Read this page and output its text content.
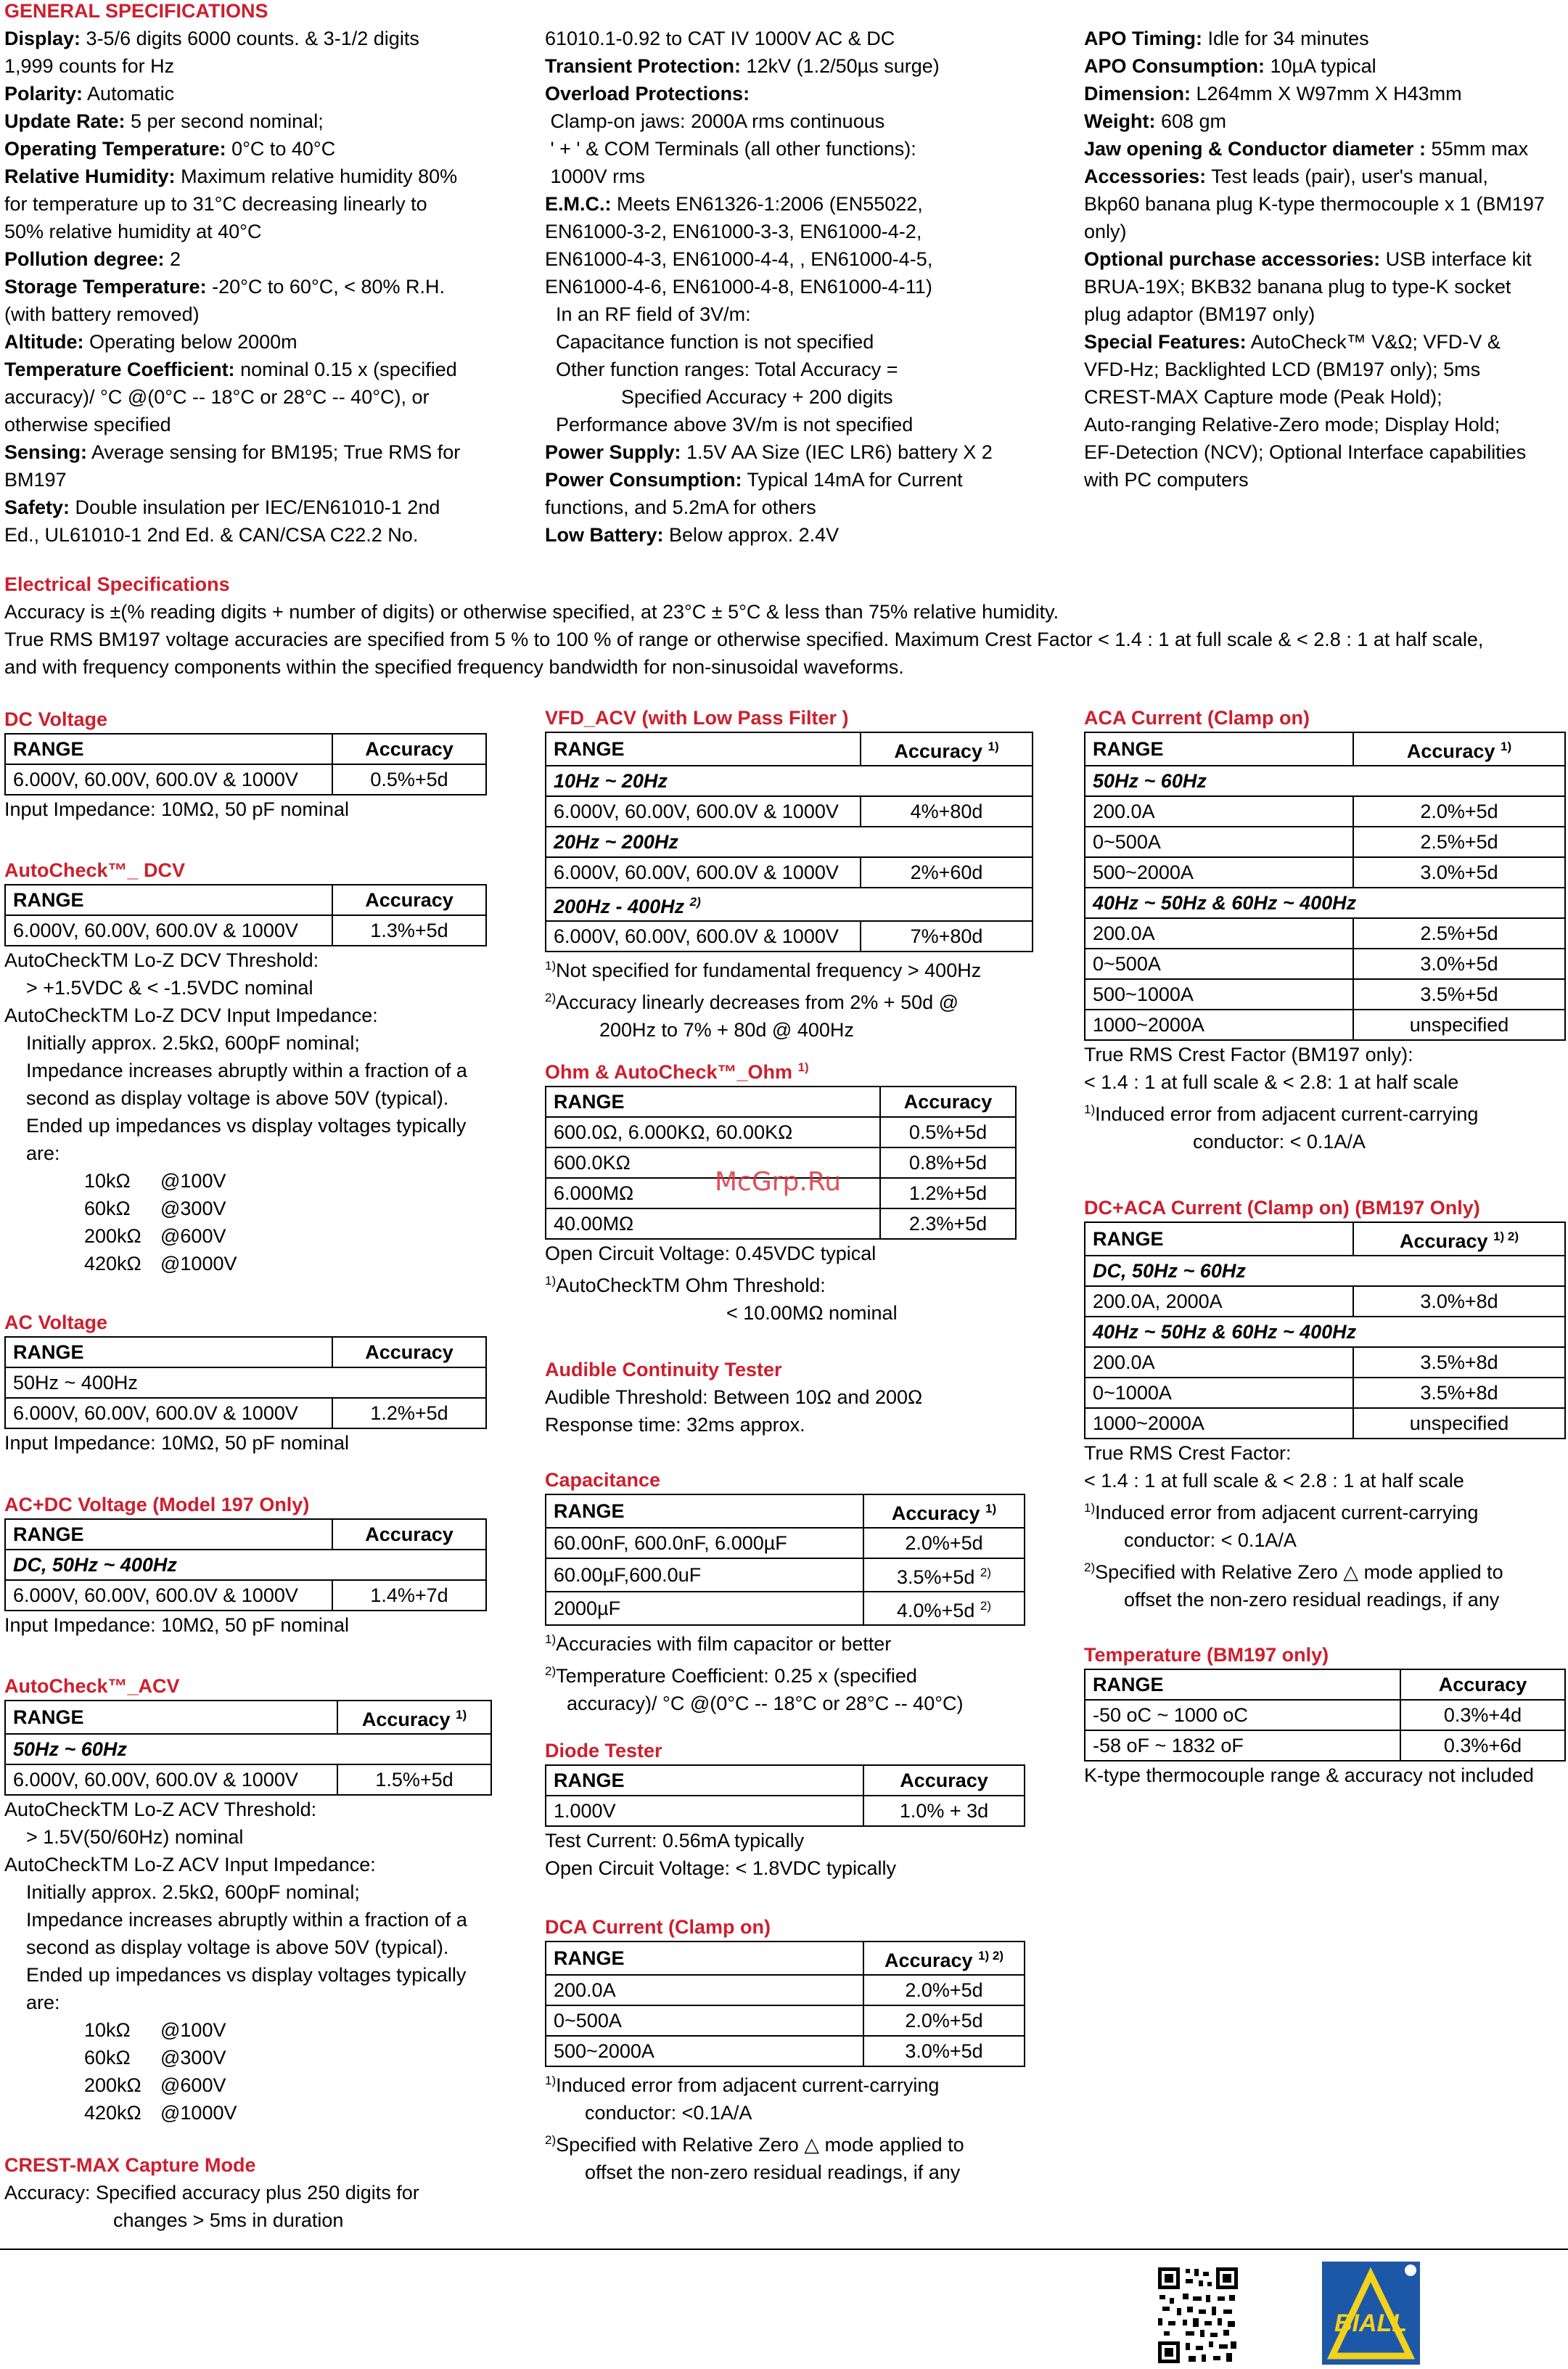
GENERAL SPECIFICATIONS
Display: 3-5/6 digits 6000 counts. & 3-1/2 digits
1,999 counts for Hz
Polarity: Automatic
Update Rate: 5 per second nominal;
Operating Temperature: 0°C to 40°C
Relative Humidity: Maximum relative humidity 80%
for temperature up to 31°C decreasing linearly to
50% relative humidity at 40°C
Pollution degree: 2
Storage Temperature: -20°C to 60°C, < 80% R.H.
(with battery removed)
Altitude: Operating below 2000m
Temperature Coefficient: nominal 0.15 x (specified
accuracy)/ °C @(0°C -- 18°C or 28°C -- 40°C), or
otherwise specified
Sensing: Average sensing for BM195; True RMS for
BM197
Safety: Double insulation per IEC/EN61010-1 2nd
Ed., UL61010-1 2nd Ed. & CAN/CSA C22.2 No.
61010.1-0.92 to CAT IV 1000V AC & DC
Transient Protection: 12kV (1.2/50µs surge)
Overload Protections:
Clamp-on jaws: 2000A rms continuous
' + ' & COM Terminals (all other functions):
1000V rms
E.M.C.: Meets EN61326-1:2006 (EN55022,
EN61000-3-2, EN61000-3-3, EN61000-4-2,
EN61000-4-3, EN61000-4-4, , EN61000-4-5,
EN61000-4-6, EN61000-4-8, EN61000-4-11)
In an RF field of 3V/m:
Capacitance function is not specified
Other function ranges: Total Accuracy =
Specified Accuracy + 200 digits
Performance above 3V/m is not specified
Power Supply: 1.5V AA Size (IEC LR6) battery X 2
Power Consumption: Typical 14mA for Current
functions, and 5.2mA for others
Low Battery: Below approx. 2.4V
APO Timing: Idle for 34 minutes
APO Consumption: 10µA typical
Dimension: L264mm X W97mm X H43mm
Weight: 608 gm
Jaw opening & Conductor diameter : 55mm max
Accessories: Test leads (pair), user's manual,
Bkp60 banana plug K-type thermocouple x 1 (BM197
only)
Optional purchase accessories: USB interface kit
BRUA-19X; BKB32 banana plug to type-K socket
plug adaptor (BM197 only)
Special Features: AutoCheck™ V&Ω; VFD-V &
VFD-Hz; Backlighted LCD (BM197 only); 5ms
CREST-MAX Capture mode (Peak Hold);
Auto-ranging Relative-Zero mode; Display Hold;
EF-Detection (NCV); Optional Interface capabilities
with PC computers
Electrical Specifications
Accuracy is ±(% reading digits + number of digits) or otherwise specified, at 23°C ± 5°C & less than 75% relative humidity.
True RMS BM197 voltage accuracies are specified from 5 % to 100 % of range or otherwise specified. Maximum Crest Factor < 1.4 : 1 at full scale & < 2.8 : 1 at half scale,
and with frequency components within the specified frequency bandwidth for non-sinusoidal waveforms.
DC Voltage
RANGE	Accuracy
6.000V, 60.00V, 600.0V & 1000V	0.5%+5d
Input Impedance: 10MΩ, 50 pF nominal
AutoCheck™_ DCV
RANGE	Accuracy
6.000V, 60.00V, 600.0V & 1000V	1.3%+5d
AutoCheckTM Lo-Z DCV Threshold:
> +1.5VDC & < -1.5VDC nominal
AutoCheckTM Lo-Z DCV Input Impedance:
Initially approx. 2.5kΩ, 600pF nominal;
Impedance increases abruptly within a fraction of a
second as display voltage is above 50V (typical).
Ended up impedances vs display voltages typically
are:
10kΩ	@100V
60kΩ	@300V
200kΩ @600V
420kΩ @1000V
AC Voltage
RANGE	Accuracy
50Hz ~ 400Hz	
6.000V, 60.00V, 600.0V & 1000V	1.2%+5d
Input Impedance: 10MΩ, 50 pF nominal
AC+DC Voltage (Model 197 Only)
RANGE	Accuracy
DC, 50Hz ~ 400Hz	
6.000V, 60.00V, 600.0V & 1000V	1.4%+7d
Input Impedance: 10MΩ, 50 pF nominal
AutoCheck™_ACV
RANGE	Accuracy $^{1)}$
50Hz ~ 60Hz	
6.000V, 60.00V, 600.0V & 1000V	1.5%+5d
AutoCheckTM Lo-Z ACV Threshold:
> 1.5V(50/60Hz) nominal
AutoCheckTM Lo-Z ACV Input Impedance:
Initially approx. 2.5kΩ, 600pF nominal;
Impedance increases abruptly within a fraction of a
second as display voltage is above 50V (typical).
Ended up impedances vs display voltages typically
are:
10kΩ	@100V
60kΩ	@300V
200kΩ @600V
420kΩ @1000V
CREST-MAX Capture Mode
Accuracy: Specified accuracy plus 250 digits for
changes > 5ms in duration
VFD_ACV (with Low Pass Filter )
RANGE	Accuracy $^{1)}$
10Hz ~ 20Hz	
6.000V, 60.00V, 600.0V & 1000V	4%+80d
20Hz ~ 200Hz	
6.000V, 60.00V, 600.0V & 1000V	2%+60d
200Hz - 400Hz $^{2)}$
6.000V, 60.00V, 600.0V & 1000V	7%+80d
$^{1)}$Not specified for fundamental frequency > 400Hz
$^{2)}$Accuracy linearly decreases from 2% + 50d @
200Hz to 7% + 80d @ 400Hz
Ohm & AutoCheck™_Ohm $^{1)}$
RANGE	Accuracy
600.0Ω, 6.000KΩ, 60.00KΩ	0.5%+5d
600.0KΩ	0.8%+5d
6.000MΩ	1.2%+5d
40.00MΩ	2.3%+5d
Open Circuit Voltage: 0.45VDC typical
$^{1)}$AutoCheckTM Ohm Threshold:
< 10.00MΩ nominal
McGrp.Ru
Audible Continuity Tester
Audible Threshold: Between 10Ω and 200Ω
Response time: 32ms approx.
Capacitance
RANGE	Accuracy $^{1)}$
60.00nF, 600.0nF, 6.000µF	2.0%+5d
60.00µF,600.0uF	3.5%+5d $^{2)}$
2000µF	4.0%+5d $^{2)}$
$^{1)}$Accuracies with film capacitor or better
$^{2)}$Temperature Coefficient: 0.25 x (specified
accuracy)/ °C @(0°C -- 18°C or 28°C -- 40°C)
Diode Tester
RANGE	Accuracy
1.000V	1.0% + 3d
Test Current: 0.56mA typically
Open Circuit Voltage: < 1.8VDC typically
DCA Current (Clamp on)
RANGE	Accuracy $^{1) 2)}$
200.0A	2.0%+5d
0~500A	2.0%+5d
500~2000A	3.0%+5d
$^{1)}$Induced error from adjacent current-carrying
conductor: <0.1A/A
$^{2)}$Specified with Relative Zero △ mode applied to
offset the non-zero residual readings, if any
ACA Current (Clamp on)
RANGE	Accuracy $^{1)}$
50Hz ~ 60Hz	
200.0A	2.0%+5d
0~500A	2.5%+5d
500~2000A	3.0%+5d
40Hz ~ 50Hz & 60Hz ~ 400Hz	
200.0A	2.5%+5d
0~500A	3.0%+5d
500~1000A	3.5%+5d
1000~2000A	unspecified
True RMS Crest Factor (BM197 only):
< 1.4 : 1 at full scale & < 2.8: 1 at half scale
$^{1)}$Induced error from adjacent current-carrying
conductor: < 0.1A/A
DC+ACA Current (Clamp on) (BM197 Only)
RANGE	Accuracy $^{1) 2)}$
DC, 50Hz ~ 60Hz	
200.0A, 2000A	3.0%+8d
40Hz ~ 50Hz & 60Hz ~ 400Hz	
200.0A	3.5%+8d
0~1000A	3.5%+8d
1000~2000A	unspecified
True RMS Crest Factor:
< 1.4 : 1 at full scale & < 2.8 : 1 at half scale
$^{1)}$Induced error from adjacent current-carrying
conductor: < 0.1A/A
$^{2)}$Specified with Relative Zero △ mode applied to
offset the non-zero residual readings, if any
Temperature (BM197 only)
RANGE	Accuracy
-50 oC ~ 1000 oC	0.3%+4d
-58 oF ~ 1832 oF	0.3%+6d
K-type thermocouple range & accuracy not included
BIALL
